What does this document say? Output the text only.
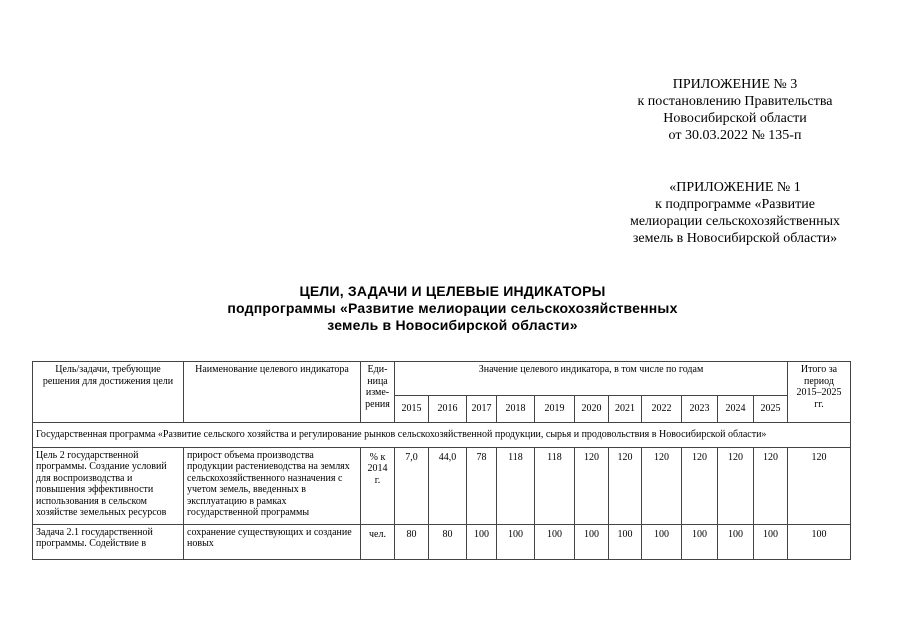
ПРИЛОЖЕНИЕ № 3
к постановлению Правительства
Новосибирской области
от 30.03.2022 № 135-п
«ПРИЛОЖЕНИЕ № 1
к подпрограмме «Развитие
мелиорации сельскохозяйственных
земель в Новосибирской области»
ЦЕЛИ, ЗАДАЧИ И ЦЕЛЕВЫЕ ИНДИКАТОРЫ
подпрограммы «Развитие мелиорации сельскохозяйственных
земель в Новосибирской области»
Цель/задачи, требующие решения для достижения цели	Наименование целевого индикатора	Еди-ница изме-рения	Значение целевого индикатора, в том числе по годам											Итого за период 2015–2025 гг.
			2015	2016	2017	2018	2019	2020	2021	2022	2023	2024	2025	
Государственная программа «Развитие сельского хозяйства и регулирование рынков сельскохозяйственной продукции, сырья и продовольствия в Новосибирской области»														
Цель 2 государственной программы. Создание условий для воспроизводства и повышения эффективности использования в сельском хозяйстве земельных ресурсов	прирост объема производства продукции растениеводства на землях сельскохозяйственного назначения с учетом земель, введенных в эксплуатацию в рамках государственной программы	% к 2014 г.	7,0	44,0	78	118	118	120	120	120	120	120	120	120
Задача 2.1 государственной программы. Содействие в	сохранение существующих и создание новых	чел.	80	80	100	100	100	100	100	100	100	100	100	100
